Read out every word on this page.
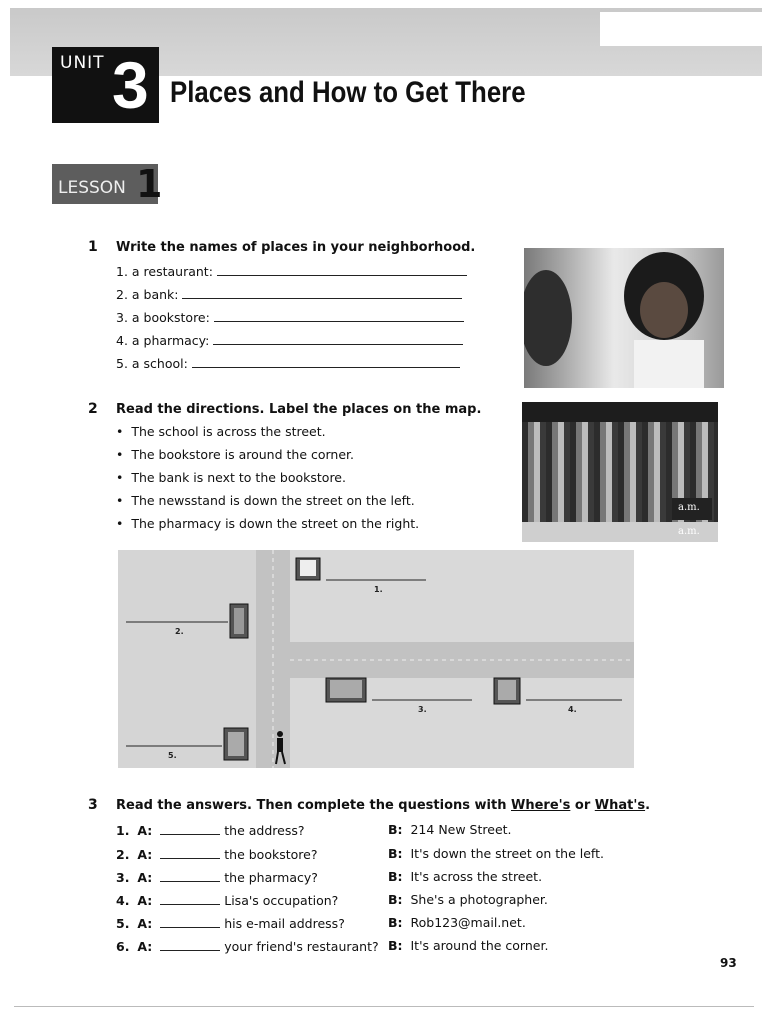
UNIT 3 Places and How to Get There
LESSON 1
1 Write the names of places in your neighborhood.
1. a restaurant:
2. a bank:
3. a bookstore:
4. a pharmacy:
5. a school:
2 Read the directions. Label the places on the map.
•  The school is across the street.
•  The bookstore is around the corner.
•  The bank is next to the bookstore.
•  The newsstand is down the street on the left.
•  The pharmacy is down the street on the right.
a.m.
a.m.
1.
2.
3.	4.
5.
3 Read the answers. Then complete the questions with Where's or What's.
1. A:	the address?	B: 214 New Street.
2. A:	the bookstore?	B: It's down the street on the left.
3. A:	the pharmacy?	B: It's across the street.
4. A:	Lisa's occupation?	B: She's a photographer.
5. A:	his e-mail address?	B: Rob123@mail.net.
6. A:	your friend's restaurant? B: It's around the corner.
93
